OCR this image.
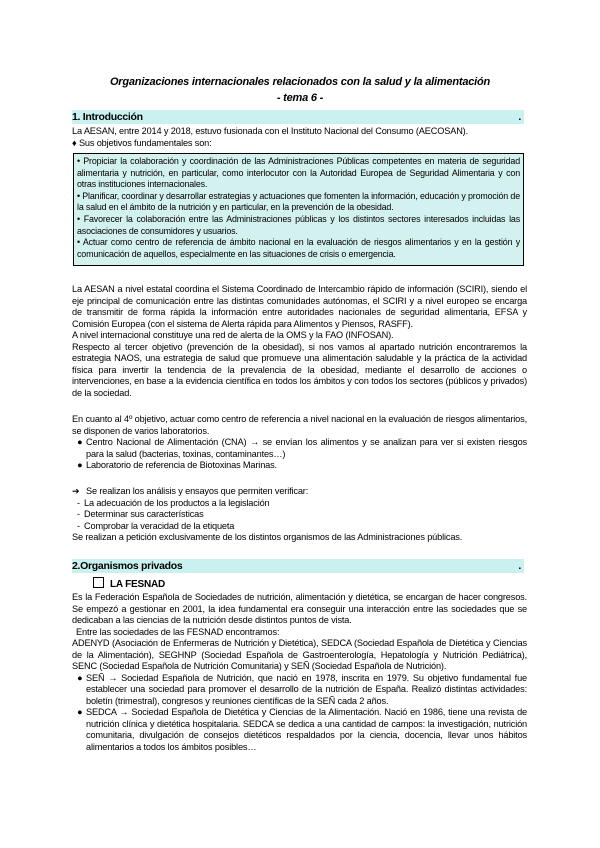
Organizaciones internacionales relacionados con la salud y la alimentación
- tema 6 -
1. Introducción	.

La AESAN, entre 2014 y 2018, estuvo fusionada con el Instituto Nacional del Consumo (AECOSAN).

♦ Sus objetivos fundamentales son:

• Propiciar la colaboración y coordinación de las Administraciones Públicas competentes en materia de seguridad alimentaria y nutrición, en particular, como interlocutor con la Autoridad Europea de Seguridad Alimentaria y con otras instituciones internacionales.

• Planificar, coordinar y desarrollar estrategias y actuaciones que fomenten la información, educación y promoción de la salud en el ámbito de la nutrición y en particular, en la prevención de la obesidad.

• Favorecer la colaboración entre las Administraciones públicas y los distintos sectores interesados incluidas las asociaciones de consumidores y usuarios.

• Actuar como centro de referencia de ámbito nacional en la evaluación de riesgos alimentarios y en la gestión y comunicación de aquellos, especialmente en las situaciones de crisis o emergencia.

La AESAN a nivel estatal coordina el Sistema Coordinado de Intercambio rápido de información (SCIRI), siendo el eje principal de comunicación entre las distintas comunidades autónomas, el SCIRI y a nivel europeo se encarga de transmitir de forma rápida la información entre autoridades nacionales de seguridad alimentaria, EFSA y Comisión Europea (con el sistema de Alerta rápida para Alimentos y Piensos, RASFF).

A nivel internacional constituye una red de alerta de la OMS y la FAO (INFOSAN).

Respecto al tercer objetivo (prevención de la obesidad), si nos vamos al apartado nutrición encontraremos la estrategia NAOS, una estrategia de salud que promueve una alimentación saludable y la práctica de la actividad física para invertir la tendencia de la prevalencia de la obesidad, mediante el desarrollo de acciones o intervenciones, en base a la evidencia científica en todos los ámbitos y con todos los sectores (públicos y privados) de la sociedad.

En cuanto al 4º objetivo, actuar como centro de referencia a nivel nacional en la evaluación de riesgos alimentarios, se disponen de varios laboratorios.

● Centro Nacional de Alimentación (CNA) → se envían los alimentos y se analizan para ver si existen riesgos para la salud (bacterias, toxinas, contaminantes…)
● Laboratorio de referencia de Biotoxinas Marinas.
➔ Se realizan los análisis y ensayos que permiten verificar:
- La adecuación de los productos a la legislación
- Determinar sus características
- Comprobar la veracidad de la etiqueta

Se realizan a petición exclusivamente de los distintos organismos de las Administraciones públicas.

2.Organismos privados	.
LA FESNAD

Es la Federación Española de Sociedades de nutrición, alimentación y dietética, se encargan de hacer congresos. Se empezó a gestionar en 2001, la idea fundamental era conseguir una interacción entre las sociedades que se dedicaban a las ciencias de la nutrición desde distintos puntos de vista.

Entre las sociedades de las FESNAD encontramos:

ADENYD (Asociación de Enfermeras de Nutrición y Dietética), SEDCA (Sociedad Española de Dietética y Ciencias de la Alimentación), SEGHNP (Sociedad Española de Gastroenterología, Hepatología y Nutrición Pediátrica), SENC (Sociedad Española de Nutrición Comunitaria) y SEÑ (Sociedad Española de Nutrición).

● SEÑ → Sociedad Española de Nutrición, que nació en 1978, inscrita en 1979. Su objetivo fundamental fue establecer una sociedad para promover el desarrollo de la nutrición de España. Realizó distintas actividades: boletín (trimestral), congresos y reuniones científicas de la SEÑ cada 2 años.
● SEDCA → Sociedad Española de Dietética y Ciencias de la Alimentación. Nació en 1986, tiene una revista de nutrición clínica y dietética hospitalaria. SEDCA se dedica a una cantidad de campos: la investigación, nutrición comunitaria, divulgación de consejos dietéticos respaldados por la ciencia, docencia, llevar unos hábitos alimentarios a todos los ámbitos posibles…
